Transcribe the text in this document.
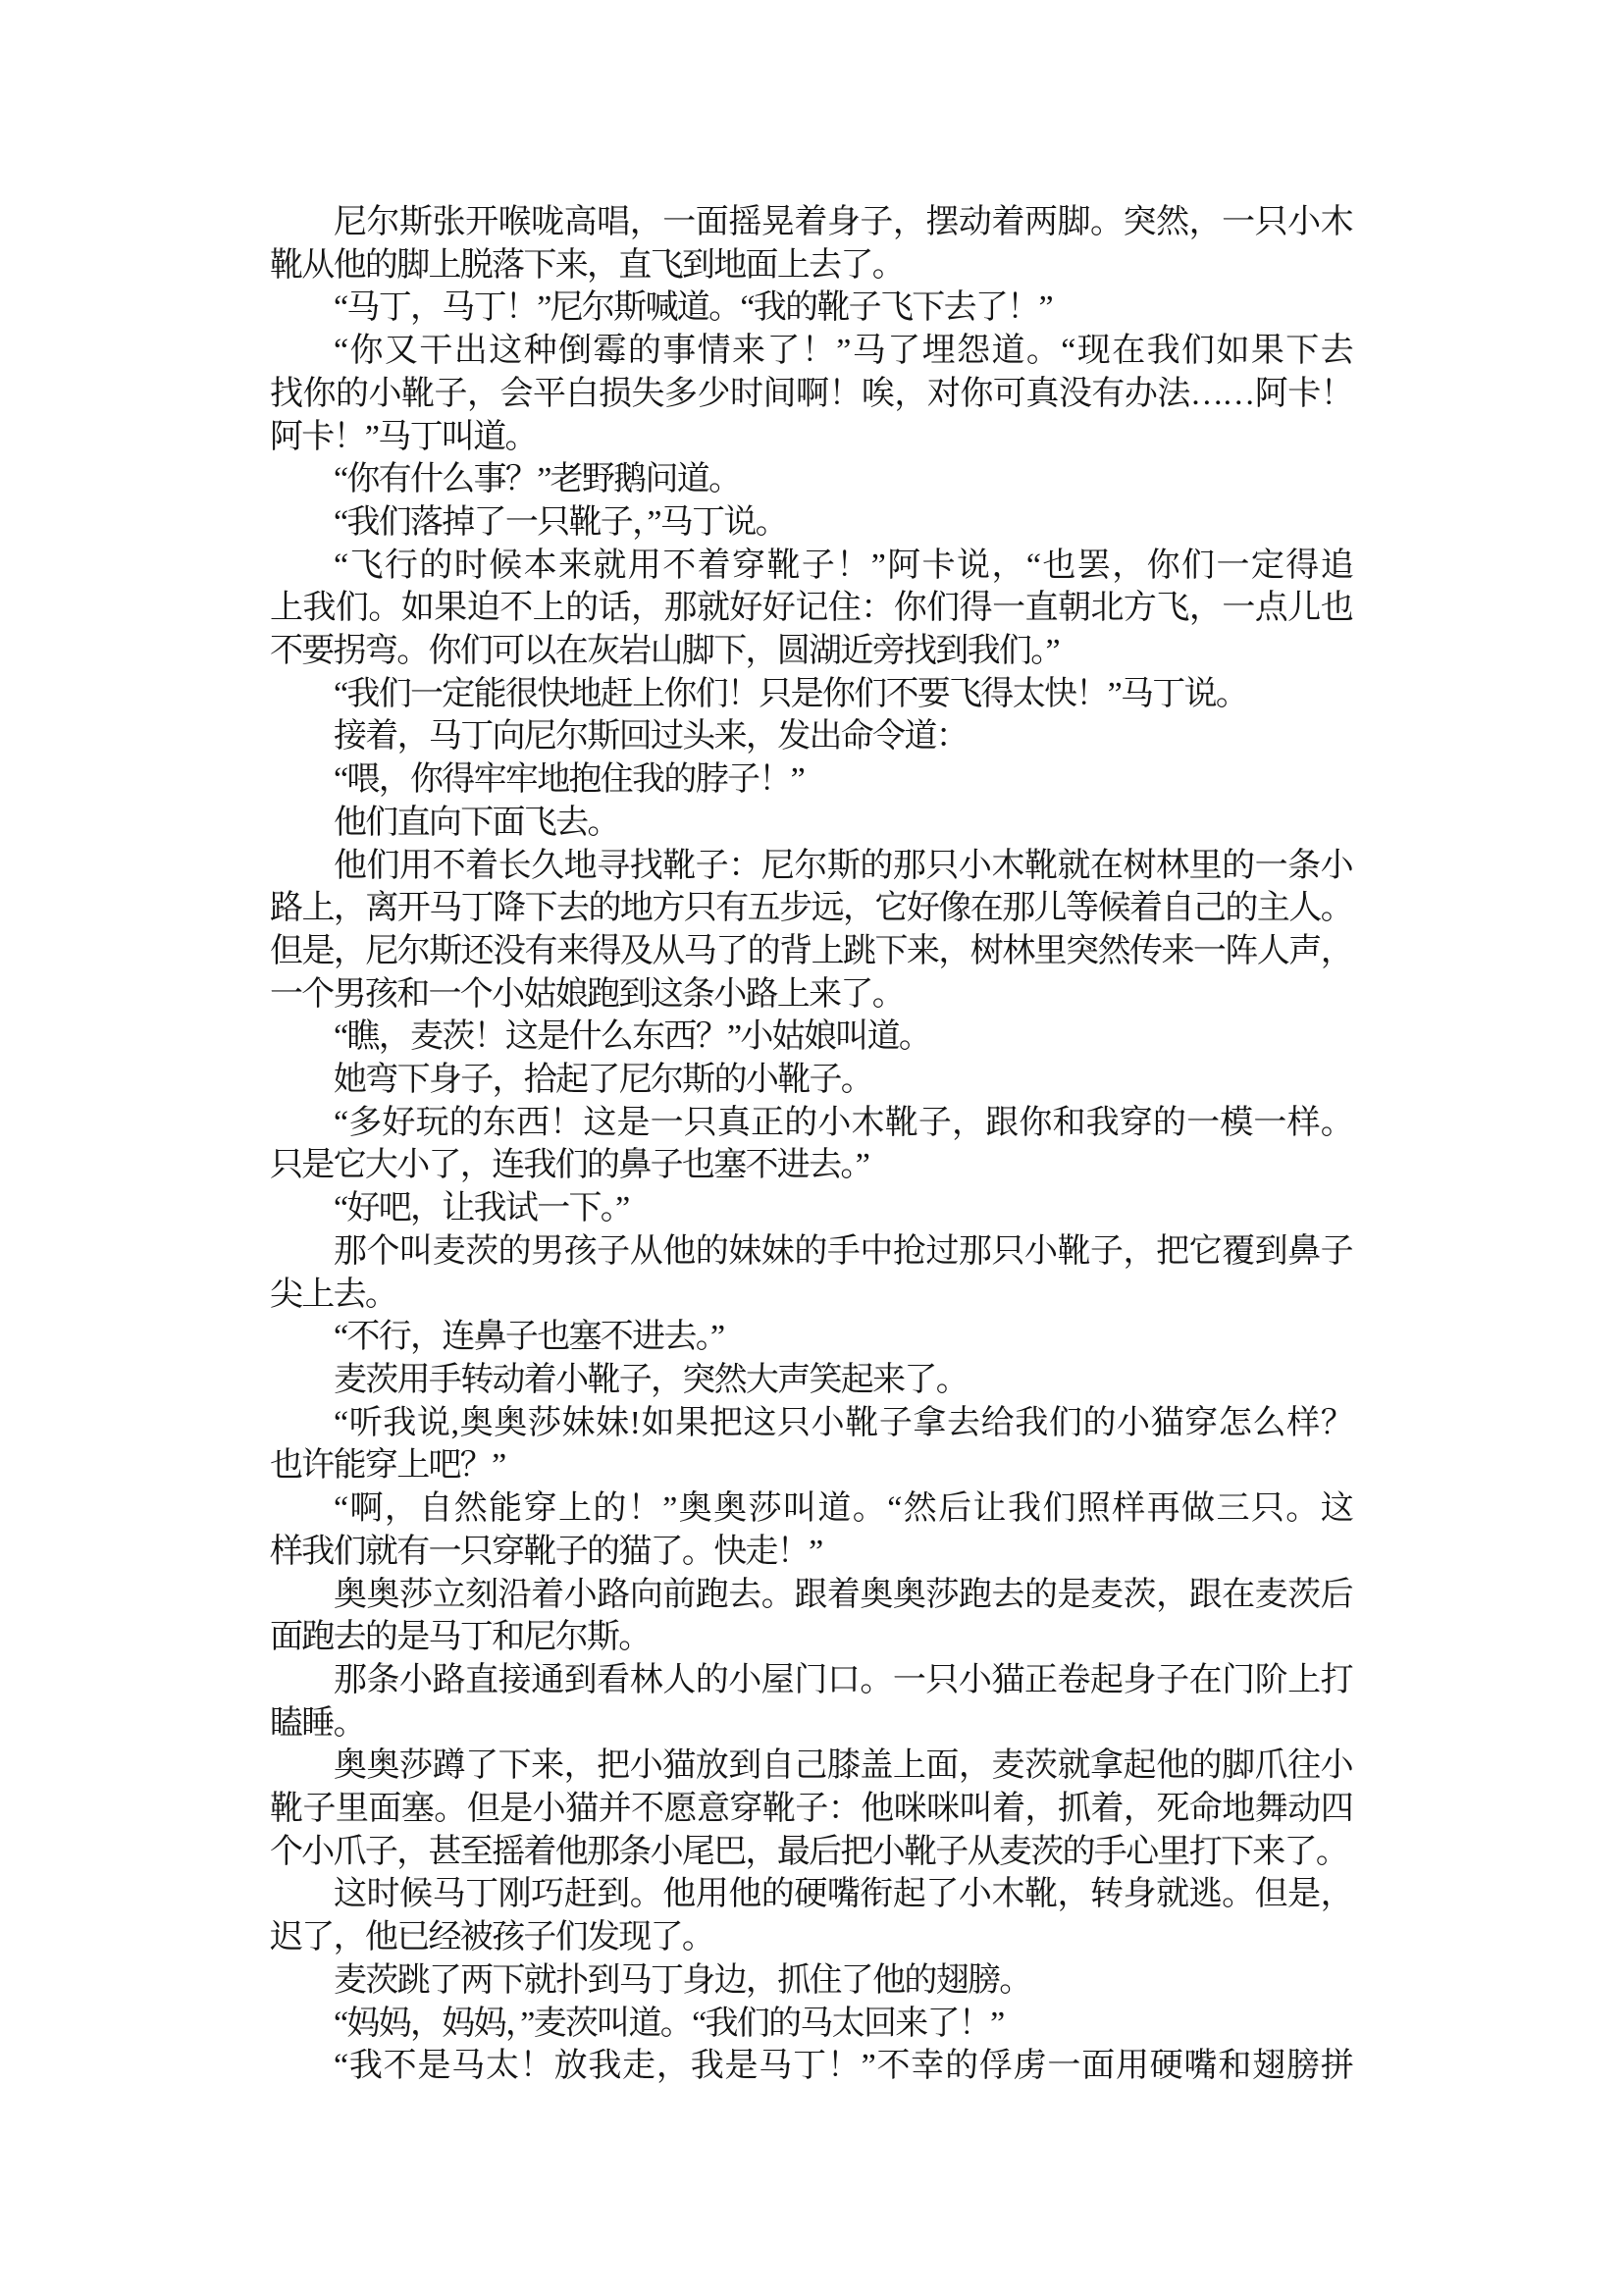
尼尔斯张开喉咙高唱，一面摇晃着身子，摆动着两脚。突然，一只小木
靴从他的脚上脱落下来，直飞到地面上去了。
“马丁，马丁！”尼尔斯喊道。“我的靴子飞下去了！”
“你又干出这种倒霉的事情来了！”马了埋怨道。“现在我们如果下去
找你的小靴子，会平白损失多少时间啊！唉，对你可真没有办法……阿卡！
阿卡！”马丁叫道。
“你有什么事？”老野鹅问道。
“我们落掉了一只靴子，”马丁说。
“飞行的时候本来就用不着穿靴子！”阿卡说，“也罢，你们一定得追
上我们。如果迫不上的话，那就好好记住：你们得一直朝北方飞，一点儿也
不要拐弯。你们可以在灰岩山脚下，圆湖近旁找到我们。”
“我们一定能很快地赶上你们！只是你们不要飞得太快！”马丁说。
接着，马丁向尼尔斯回过头来，发出命令道：
“喂，你得牢牢地抱住我的脖子！”
他们直向下面飞去。
他们用不着长久地寻找靴子：尼尔斯的那只小木靴就在树林里的一条小
路上，离开马丁降下去的地方只有五步远，它好像在那儿等候着自己的主人。
但是，尼尔斯还没有来得及从马了的背上跳下来，树林里突然传来一阵人声，
一个男孩和一个小姑娘跑到这条小路上来了。
“瞧，麦茨！这是什么东西？”小姑娘叫道。
她弯下身子，拾起了尼尔斯的小靴子。
“多好玩的东西！这是一只真正的小木靴子，跟你和我穿的一模一样。
只是它大小了，连我们的鼻子也塞不进去。”
“好吧，让我试一下。”
那个叫麦茨的男孩子从他的妹妹的手中抢过那只小靴子，把它覆到鼻子
尖上去。
“不行，连鼻子也塞不进去。”
麦茨用手转动着小靴子，突然大声笑起来了。
“听我说,奥奥莎妹妹!如果把这只小靴子拿去给我们的小猫穿怎么样？
也许能穿上吧？”
“啊，自然能穿上的！”奥奥莎叫道。“然后让我们照样再做三只。这
样我们就有一只穿靴子的猫了。快走！”
奥奥莎立刻沿着小路向前跑去。跟着奥奥莎跑去的是麦茨，跟在麦茨后
面跑去的是马丁和尼尔斯。
那条小路直接通到看林人的小屋门口。一只小猫正卷起身子在门阶上打
瞌睡。
奥奥莎蹲了下来，把小猫放到自己膝盖上面，麦茨就拿起他的脚爪往小
靴子里面塞。但是小猫并不愿意穿靴子：他咪咪叫着，抓着，死命地舞动四
个小爪子，甚至摇着他那条小尾巴，最后把小靴子从麦茨的手心里打下来了。
这时候马丁刚巧赶到。他用他的硬嘴衔起了小木靴，转身就逃。但是，
迟了，他已经被孩子们发现了。
麦茨跳了两下就扑到马丁身边，抓住了他的翅膀。
“妈妈，妈妈，”麦茨叫道。“我们的马太回来了！”
“我不是马太！放我走，我是马丁！”不幸的俘虏一面用硬嘴和翅膀拼
